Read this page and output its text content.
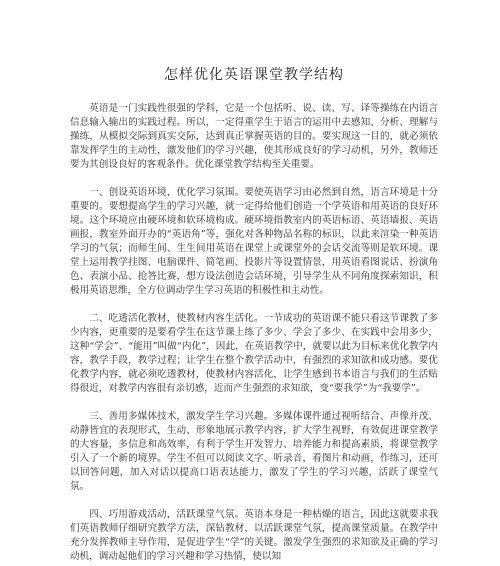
怎样优化英语课堂教学结构

英语是一门实践性很强的学科，它是一个包括听、说、读、写、译等操练在内语言信息输入输出的实践过程。所以，一定得重学生于语言的运用中去感知、分析、理解与操练，从模拟交际到真实交际，达到真正掌握英语的目的。要实现这一目的，就必须依靠发挥学生的主动性，激发他们的学习兴趣，使其形成良好的学习动机，另外，教师还要为其创设良好的客观条件。优化课堂教学结构至关重要。

一、创设英语环境，优化学习氛围。要使英语学习由必然到自然，语言环境是十分重要的。要想提高学生的学习兴趣，就一定得给他们创造一个学英语和用英语的良好环境。这个环境应由硬环境和软环境构成。硬环境指教室内的英语标语、英语墙报、英语画报，教室外面开办的“英语角”等，强化对各种物品名称的标识，以此来渲染一种英语学习的气氛；而师生间、生生间用英语在课堂上或课堂外的会话交流等则是软环境。课堂上运用教学挂图、电脑课件、简笔画、投影片等设置情景，用英语看图说话、扮演角色、表演小品、抢答比赛，想方设法创造会话环境，引导学生从不同角度探索知识，积极用英语思维，全方位调动学生学习英语的积极性和主动性。

二、吃透活化教材，使教材内容生活化。一节成功的英语课不能只看这节课教了多少内容，更重要的是要看学生在这节课上练了多少、学会了多少、在实践中会用多少，这种“学会”、“能用”叫做“内化”，因此，在英语教学中，就要以此为目标来优化教学内容，教学手段，教学过程；让学生在整个教学活动中，有强烈的求知欲和成功感。要优化教学内容，就必须吃透教材，使教材内容活化，让学生感到书本语言与我们的生活贴得很近，对教学内容很有亲切感，近而产生强烈的求知欲，变“要我学”为“我要学”。

三、善用多媒体技术，激发学生学习兴趣。多媒体课件通过视听结合、声像并茂、动静皆宜的表现形式，生动、形象地展示教学内容，扩大学生视野，有效促进课堂教学的大容量，多信息和高效率，有利于学生开发智力、培养能力和提高素质，将课堂教学引入了一个新的境界。学生不但可以阅读文字、听录音，看图片和动画，作练习，还可以回答问题，加入对话以提高口语表达能力，激发了学生的学习兴趣，活跃了课堂气氛。

四、巧用游戏活动，活跃课堂气氛。英语本身是一种枯燥的语言，因此这就要求我们英语教师仔细研究教学方法，深钻教材，以活跃课堂气氛，提高课堂质量。在教学中充分发挥教师主导作用，是促进学生“学”的关键。激发学生强烈的求知欲及正确的学习动机，调动起他们的学习兴趣和学习热情，使以知
